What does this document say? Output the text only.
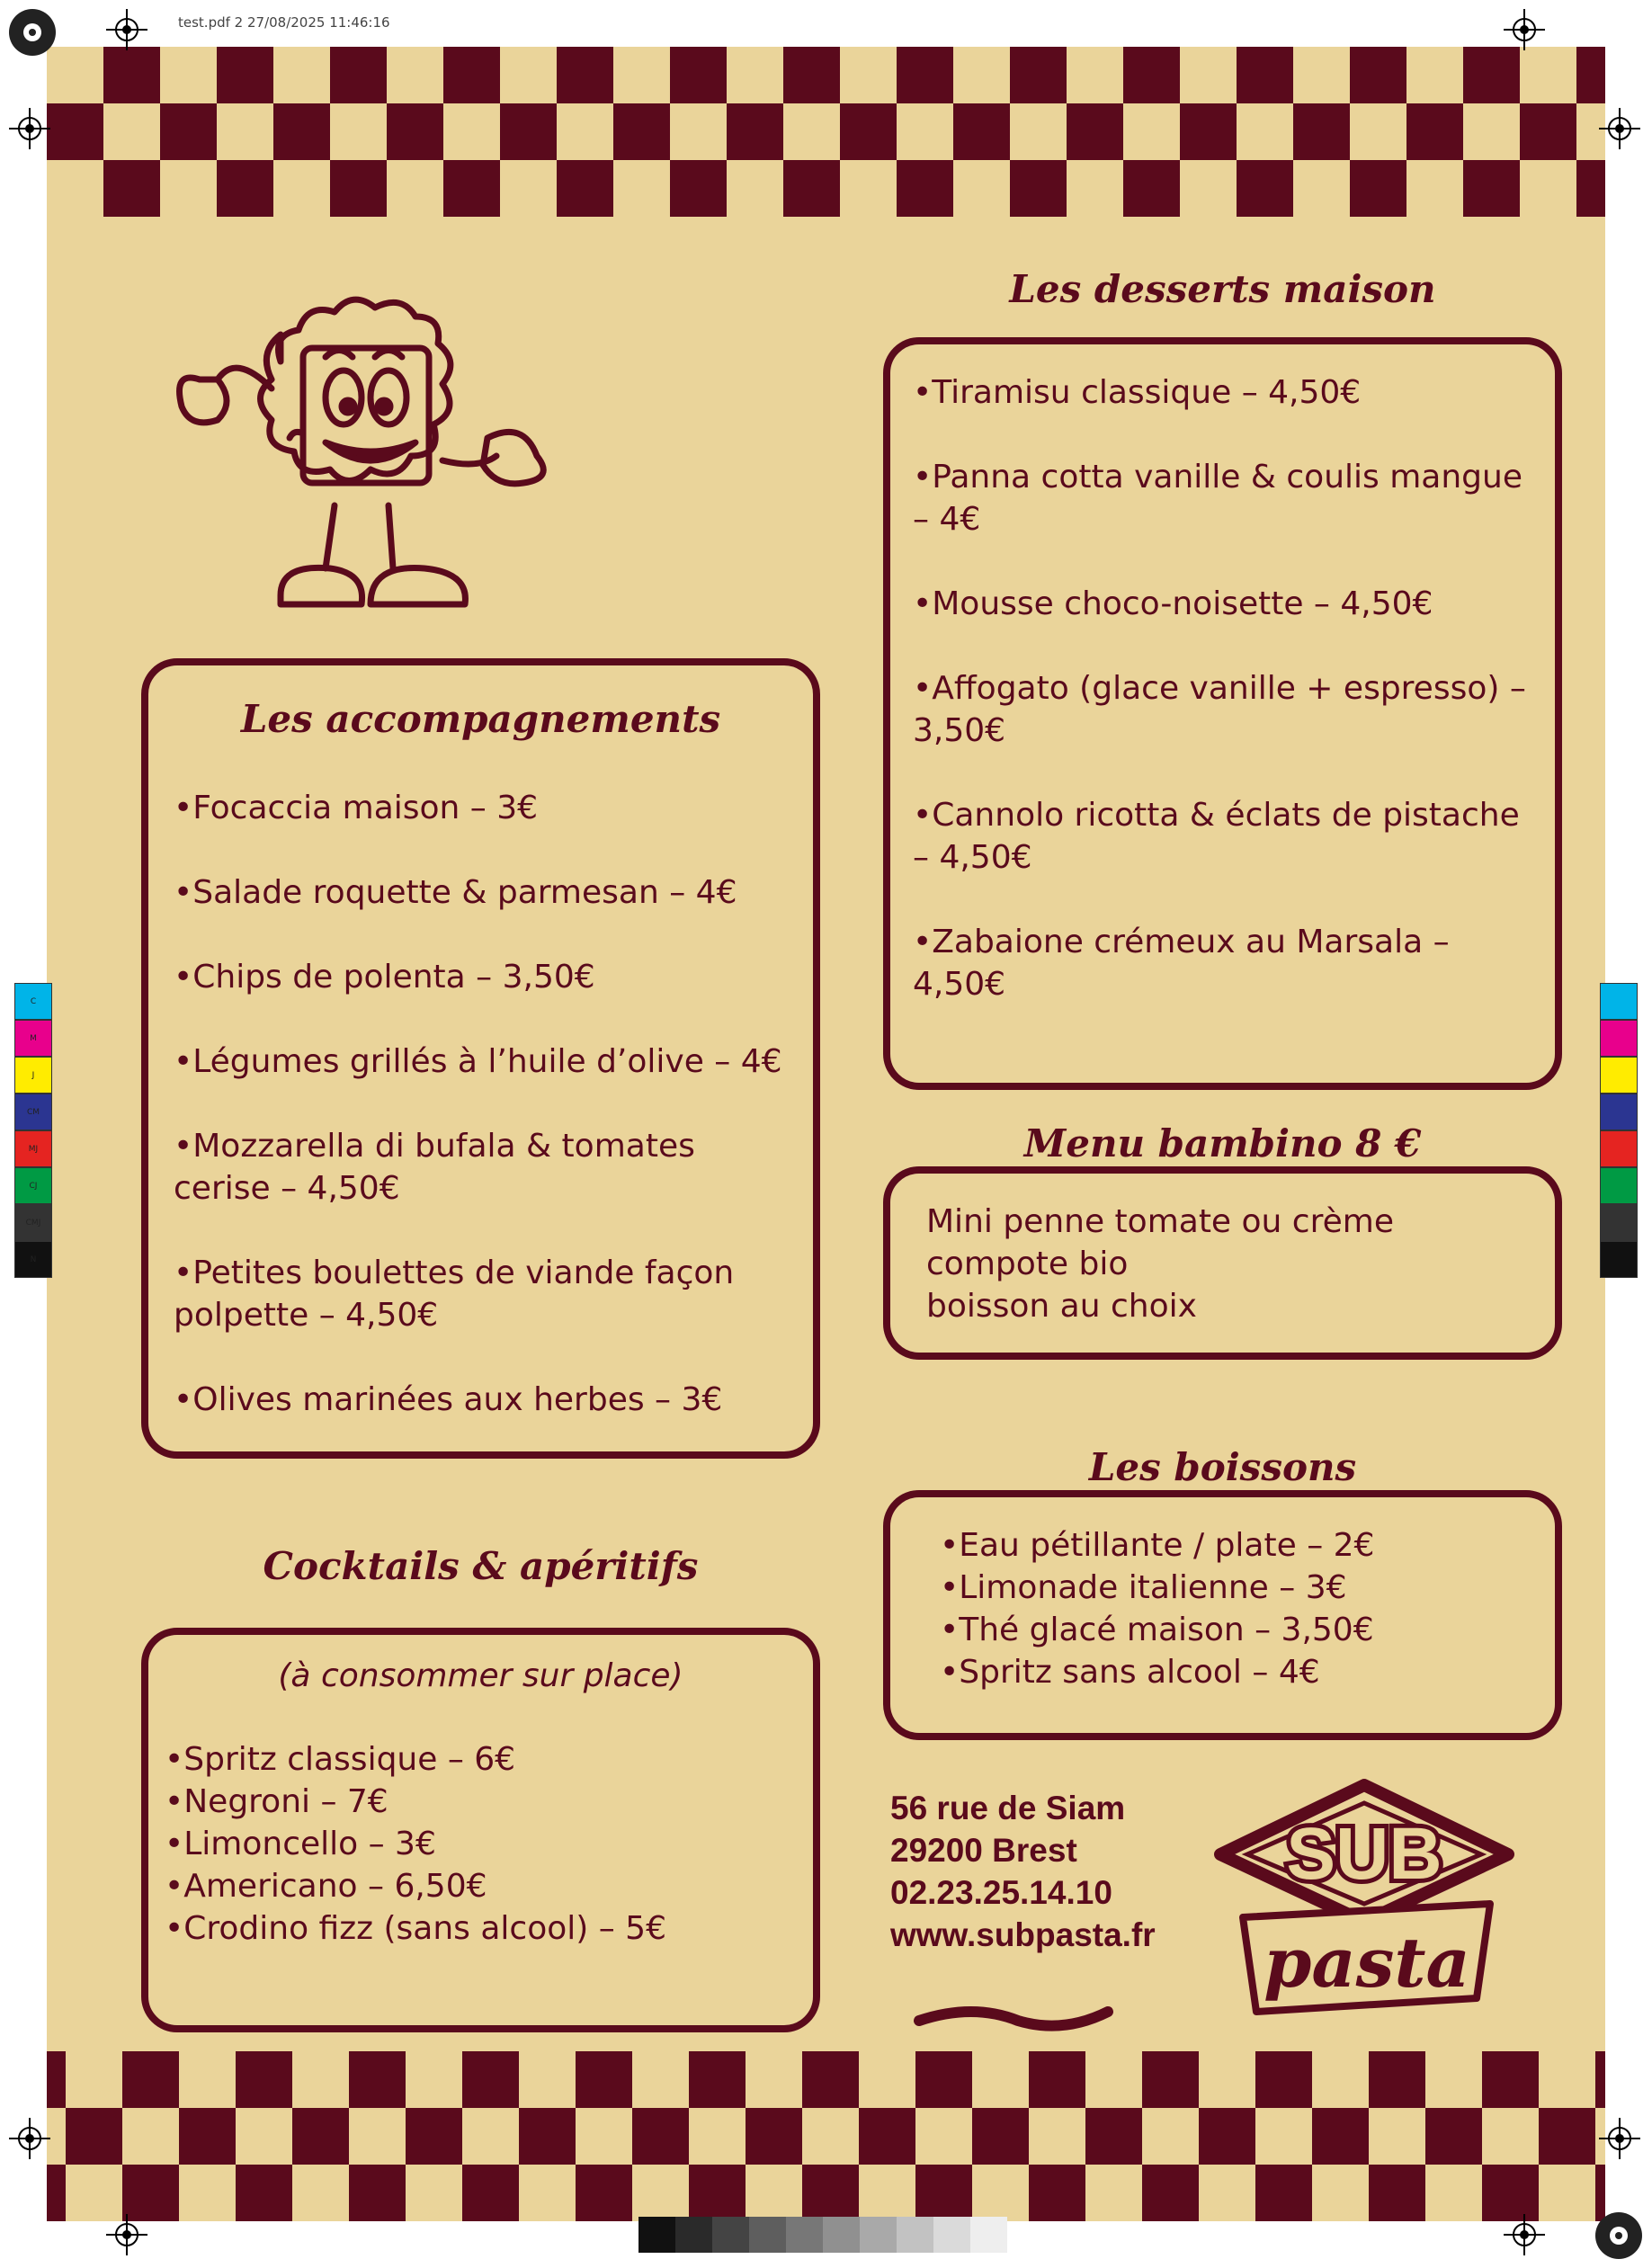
test.pdf 2 27/08/2025 11:46:16
Les accompagnements

• Focaccia maison – 3€

• Salade roquette & parmesan – 4€

• Chips de polenta – 3,50€

• Légumes grillés à l’huile d’olive – 4€

• Mozzarella di bufala & tomates cerise – 4,50€

• Petites boulettes de viande façon polpette – 4,50€

• Olives marinées aux herbes – 3€

Cocktails & apéritifs
(à consommer sur place)

• Spritz classique – 6€

• Negroni – 7€

• Limoncello – 3€

• Americano – 6,50€

• Crodino fizz (sans alcool) – 5€

Les desserts maison

• Tiramisu classique – 4,50€

• Panna cotta vanille & coulis mangue – 4€

• Mousse choco-noisette – 4,50€

• Affogato (glace vanille + espresso) – 3,50€

• Cannolo ricotta & éclats de pistache – 4,50€

• Zabaione crémeux au Marsala – 4,50€

Menu bambino 8 €

Mini penne tomate ou crème

compote bio

boisson au choix

Les boissons

• Eau pétillante / plate – 2€

• Limonade italienne – 3€

• Thé glacé maison – 3,50€

• Spritz sans alcool – 4€

56 rue de Siam
29200 Brest
02.23.25.14.10
www.subpasta.fr
SUB
pasta
C
M
J
CM
MJ
CJ
CMJ
N
